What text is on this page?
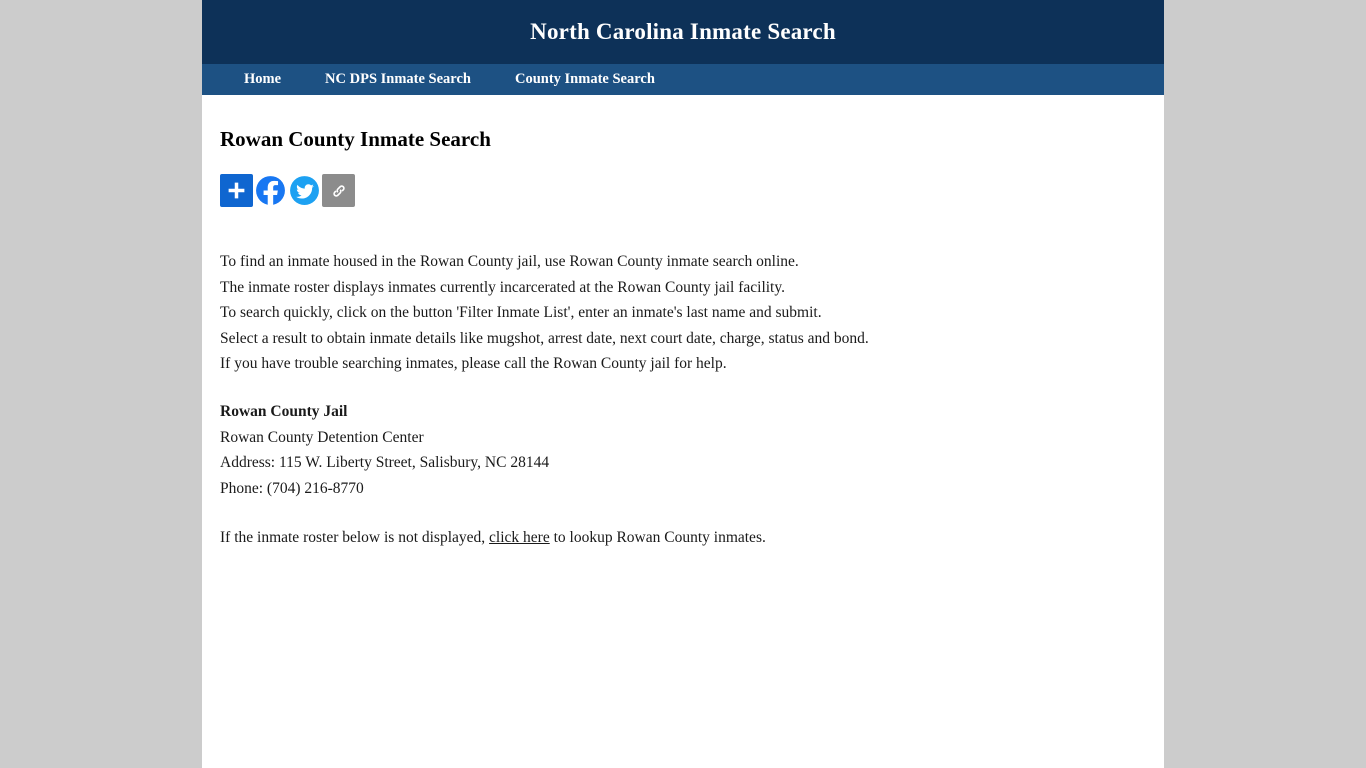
North Carolina Inmate Search
Home	NC DPS Inmate Search	County Inmate Search
Rowan County Inmate Search
To find an inmate housed in the Rowan County jail, use Rowan County inmate search online.
The inmate roster displays inmates currently incarcerated at the Rowan County jail facility.
To search quickly, click on the button 'Filter Inmate List', enter an inmate's last name and submit.
Select a result to obtain inmate details like mugshot, arrest date, next court date, charge, status and bond.
If you have trouble searching inmates, please call the Rowan County jail for help.
Rowan County Jail
Rowan County Detention Center
Address: 115 W. Liberty Street, Salisbury, NC 28144
Phone: (704) 216-8770
If the inmate roster below is not displayed, click here to lookup Rowan County inmates.
